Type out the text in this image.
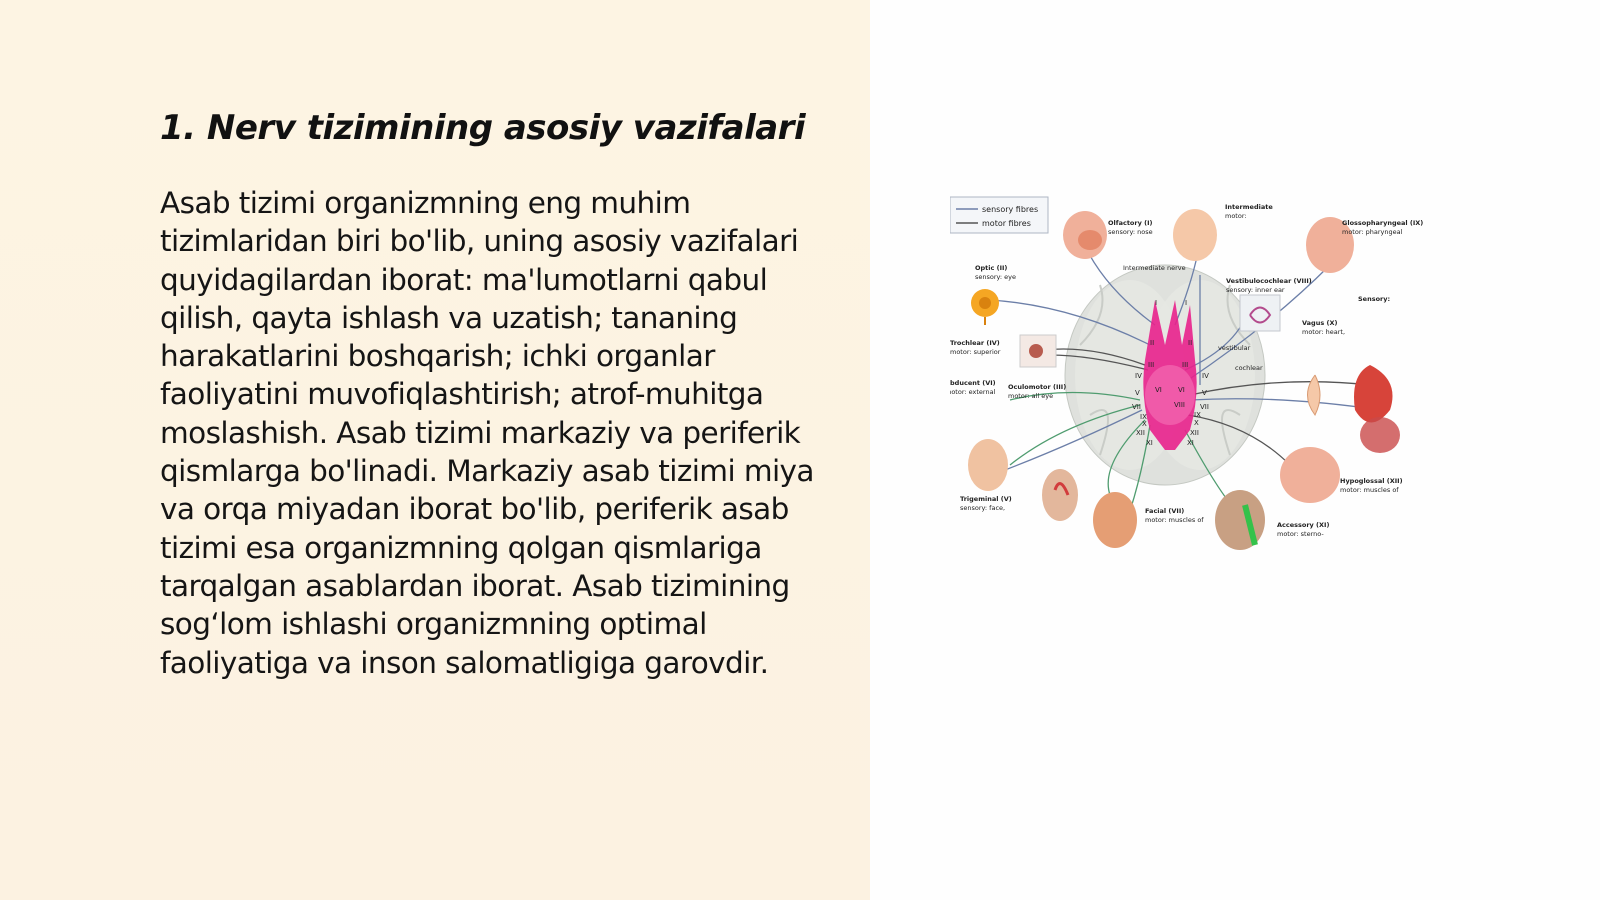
1. Nerv tizimining asosiy vazifalari

Asab tizimi organizmning eng muhim tizimlaridan biri bo'lib, uning asosiy vazifalari quyidagilardan iborat: ma'lumotlarni qabul qilish, qayta ishlash va uzatish; tananing harakatlarini boshqarish; ichki organlar faoliyatini muvofiqlashtirish; atrof-muhitga moslashish. Asab tizimi markaziy va periferik qismlarga bo'linadi. Markaziy asab tizimi miya va orqa miyadan iborat bo'lib, periferik asab tizimi esa organizmning qolgan qismlariga tarqalgan asablardan iborat. Asab tizimining sogʻlom ishlashi organizmning optimal faoliyatiga va inson salomatligiga garovdir.

sensory fibres
motor fibres
I	I
II	II
III	III
IV	IV
V	V
VI VI
VII	VII
VIII
IX	IX
X	X
XI	XI
XII	XII
Olfactory (I)
sensory: nose
Intermediate
motor:
Intermediate nerve
Glossopharyngeal (IX)
motor: pharyngeal
Optic (II)
sensory: eye	Vestibulocochlear (VIII)
sensory: inner ear
Sensory:
Trochlear (IV)
motor: superior
Vagus (X)
motor: heart,
vestibular
cochlear
Abducent (VI)
motor: external
Oculomotor (III)
motor: all eye
Trigeminal (V)
sensory: face,	Facial (VII)
motor: muscles of
Hypoglossal (XII)
motor: muscles of
Accessory (XI)
motor: sterno-
